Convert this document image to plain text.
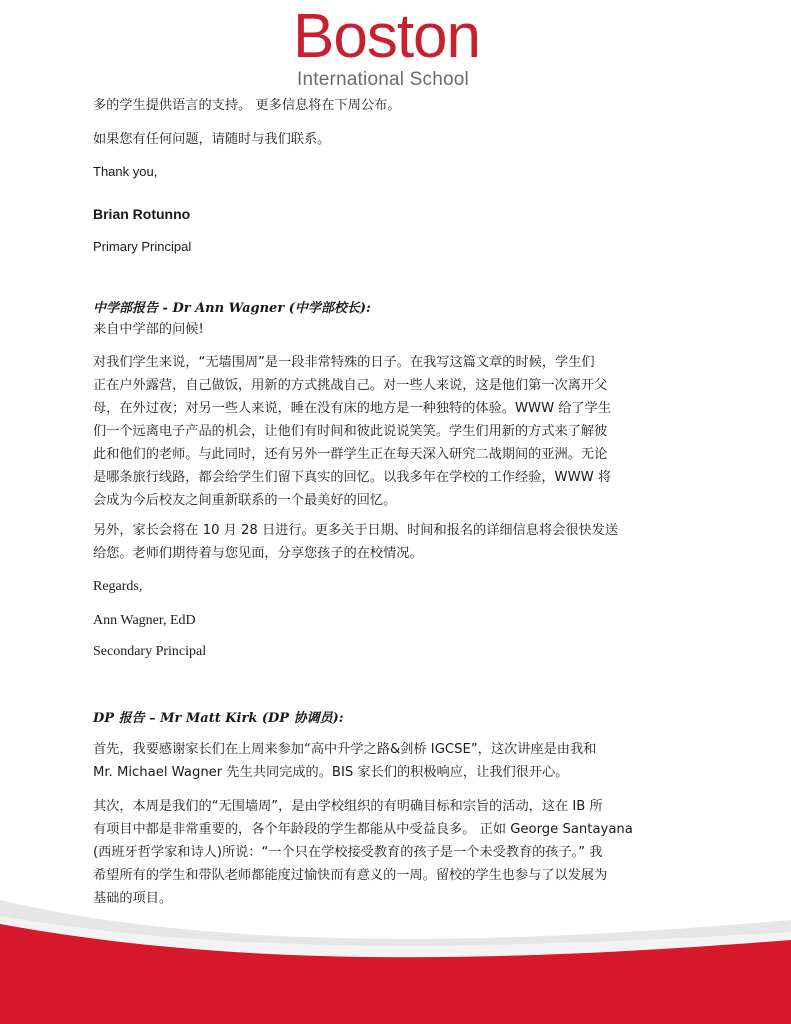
Boston
International School
多的学生提供语言的支持。 更多信息将在下周公布。
如果您有任何问题，请随时与我们联系。
Thank you,
Brian Rotunno
Primary Principal
中学部报告 - Dr Ann Wagner (中学部校长):
来自中学部的问候!
对我们学生来说，“无墙围周”是一段非常特殊的日子。在我写这篇文章的时候，学生们
正在户外露营，自己做饭，用新的方式挑战自己。对一些人来说，这是他们第一次离开父
母，在外过夜；对另一些人来说，睡在没有床的地方是一种独特的体验。WWW 给了学生
们一个远离电子产品的机会，让他们有时间和彼此说说笑笑。学生们用新的方式来了解彼
此和他们的老师。与此同时，还有另外一群学生正在每天深入研究二战期间的亚洲。无论
是哪条旅行线路，都会给学生们留下真实的回忆。以我多年在学校的工作经验，WWW 将
会成为今后校友之间重新联系的一个最美好的回忆。
另外，家长会将在 10 月 28 日进行。更多关于日期、时间和报名的详细信息将会很快发送
给您。老师们期待着与您见面，分享您孩子的在校情况。
Regards,
Ann Wagner, EdD
Secondary Principal
DP 报告 – Mr Matt Kirk (DP 协调员):
首先，我要感谢家长们在上周来参加“高中升学之路&剑桥 IGCSE”，这次讲座是由我和
Mr. Michael Wagner 先生共同完成的。BIS 家长们的积极响应，让我们很开心。
其次，本周是我们的“无围墙周”，是由学校组织的有明确目标和宗旨的活动，这在 IB 所
有项目中都是非常重要的，各个年龄段的学生都能从中受益良多。 正如 George Santayana
(西班牙哲学家和诗人)所说：“一个只在学校接受教育的孩子是一个未受教育的孩子。” 我
希望所有的学生和带队老师都能度过愉快而有意义的一周。留校的学生也参与了以发展为
基础的项目。
